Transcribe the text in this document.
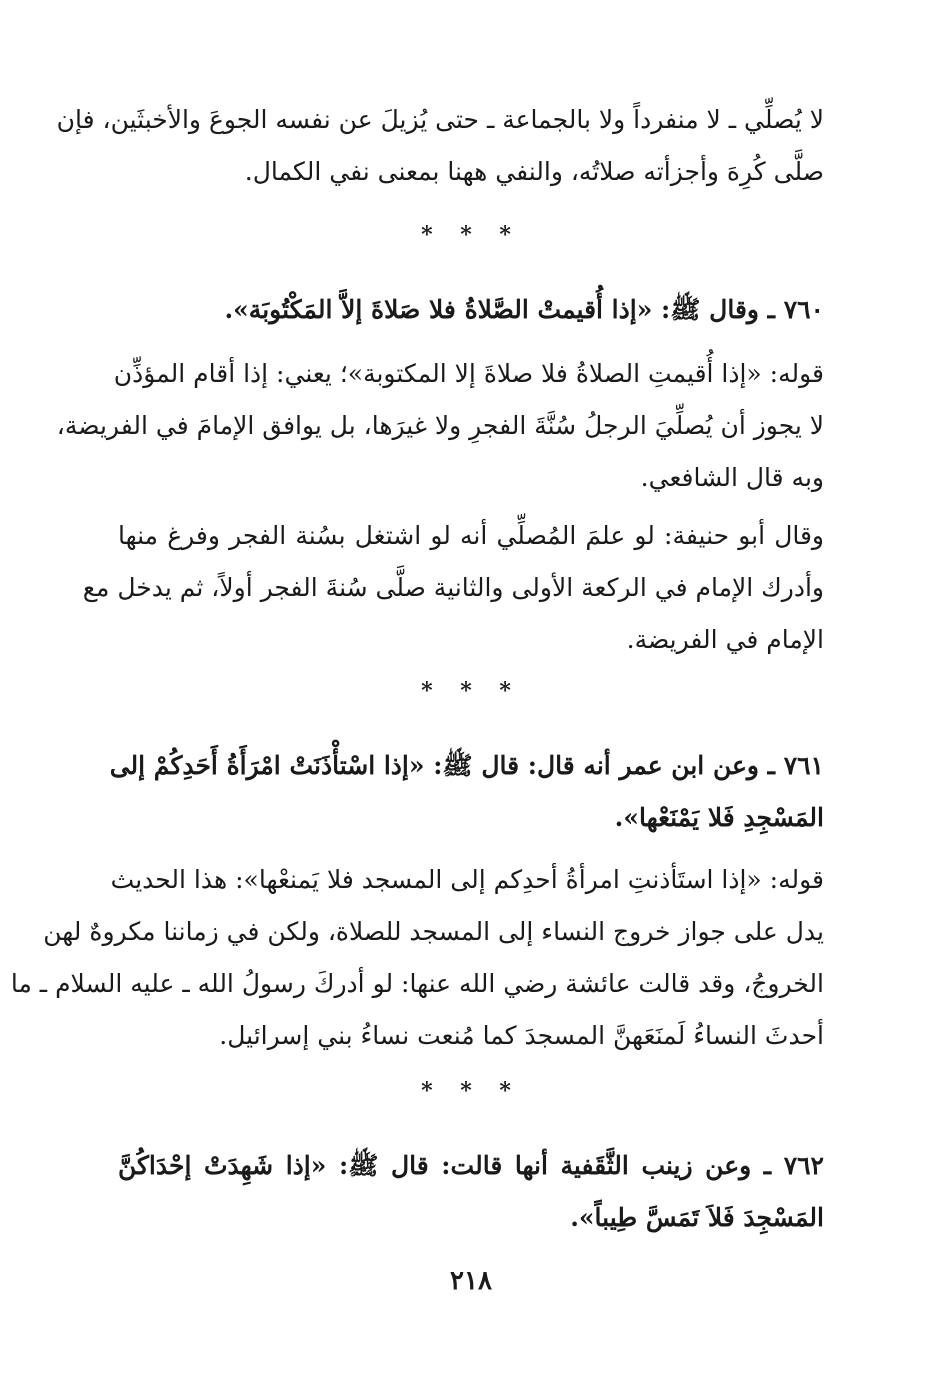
لا يُصلِّي ـ لا منفرداً ولا بالجماعة ـ حتى يُزيلَ عن نفسه الجوعَ والأخبثَين، فإن
صلَّى كُرِهَ وأجزأته صلاتُه، والنفي ههنا بمعنى نفي الكمال.
* * *
٧٦٠ ـ وقال ﷺ: «إذا أُقيمتْ الصَّلاةُ فلا صَلاةَ إلاَّ المَكْتُوبَة».
قوله: «إذا أُقيمتِ الصلاةُ فلا صلاةَ إلا المكتوبة»؛ يعني: إذا أقام المؤذِّن
لا يجوز أن يُصلِّيَ الرجلُ سُنَّةَ الفجرِ ولا غيرَها، بل يوافق الإمامَ في الفريضة،
وبه قال الشافعي.
وقال أبو حنيفة: لو علمَ المُصلِّي أنه لو اشتغل بسُنة الفجر وفرغ منها
وأدرك الإمام في الركعة الأولى والثانية صلَّى سُنةَ الفجر أولاً، ثم يدخل مع
الإمام في الفريضة.
* * *
٧٦١ ـ وعن ابن عمر أنه قال: قال ﷺ: «إذا اسْتأْذَنَتْ امْرَأَةُ أَحَدِكُمْ إلى
المَسْجِدِ فَلا يَمْنَعْها».
قوله: «إذا استَأذنتِ امرأةُ أحدِكم إلى المسجد فلا يَمنعْها»: هذا الحديث
يدل على جواز خروج النساء إلى المسجد للصلاة، ولكن في زماننا مكروهٌ لهن
الخروجُ، وقد قالت عائشة رضي الله عنها: لو أدركَ رسولُ الله ـ عليه السلام ـ ما
أحدثَ النساءُ لَمنَعَهنَّ المسجدَ كما مُنعت نساءُ بني إسرائيل.
* * *
٧٦٢ ـ وعن زينب الثَّقَفية أنها قالت: قال ﷺ: «إذا شَهِدَتْ إحْدَاكُنَّ
المَسْجِدَ فَلاَ تَمَسَّ طِيباً».
٢١٨
